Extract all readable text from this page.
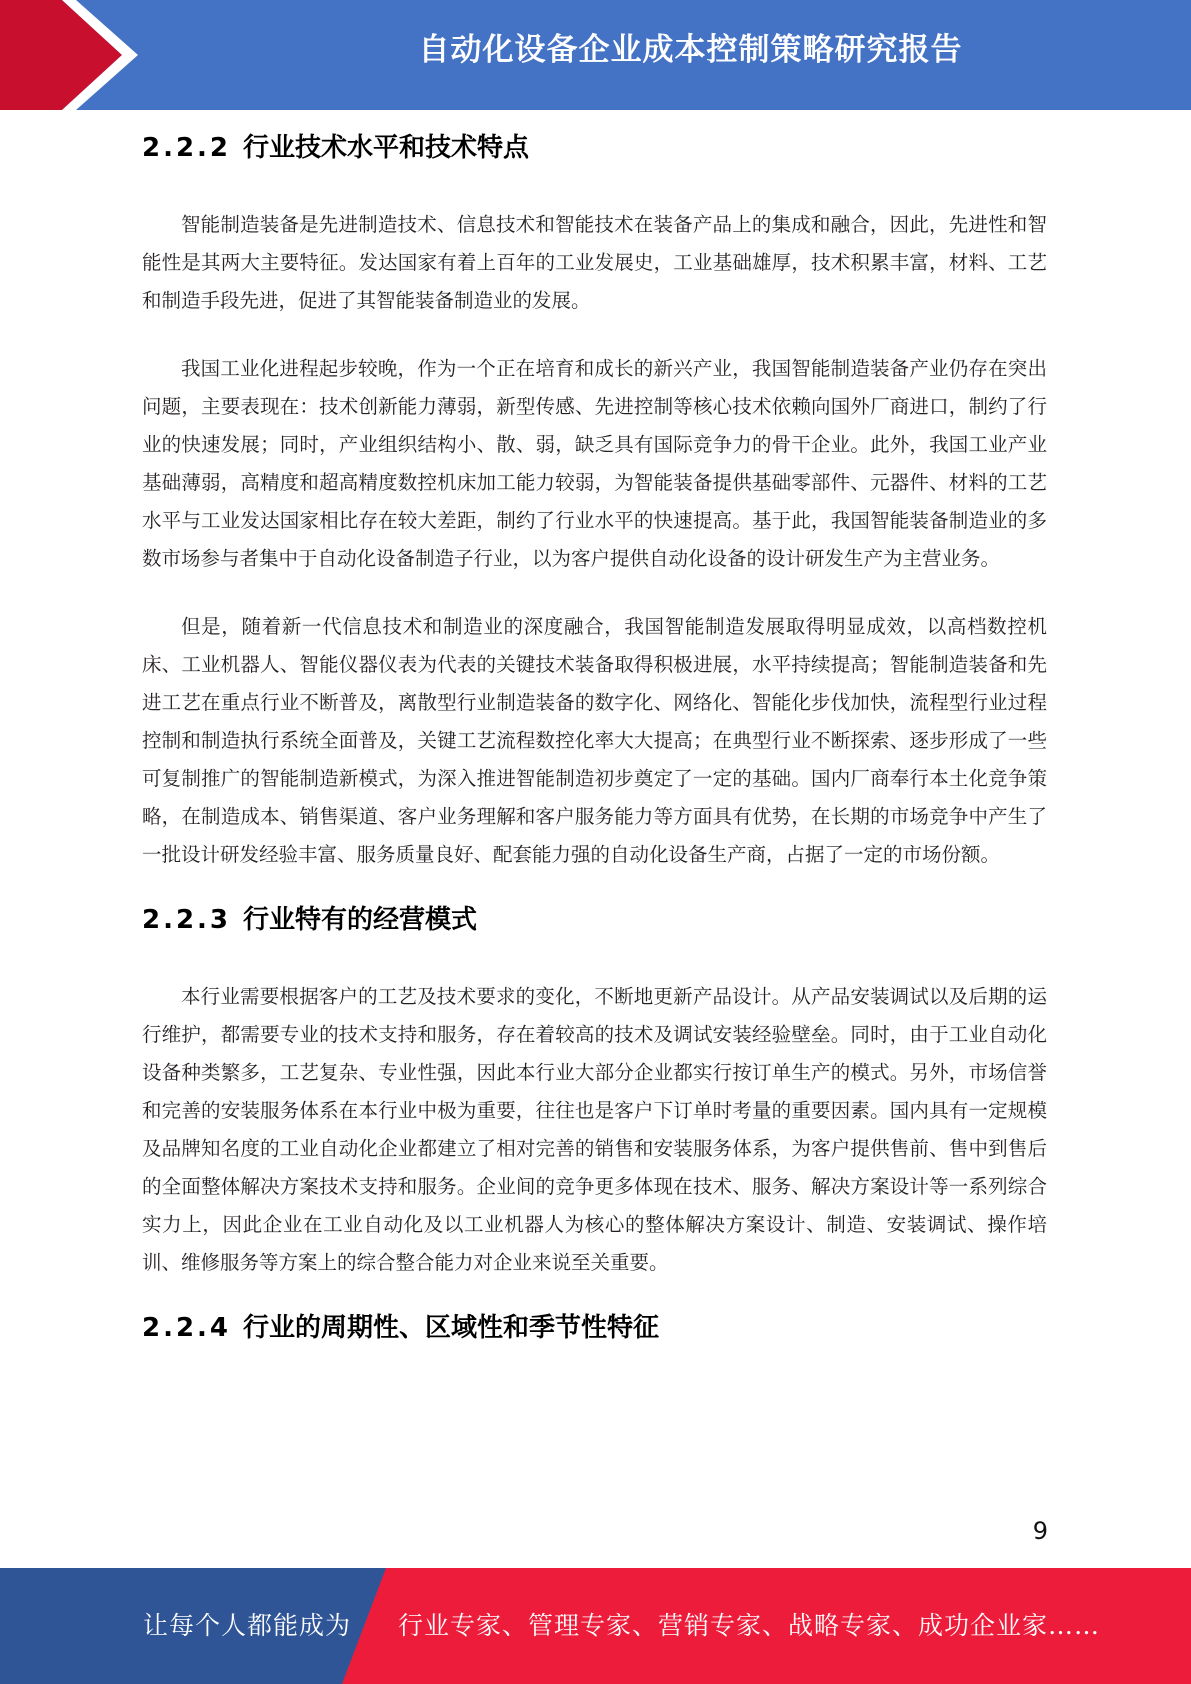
自动化设备企业成本控制策略研究报告
2.2.2 行业技术水平和技术特点

智能制造装备是先进制造技术、信息技术和智能技术在装备产品上的集成和融合，因此，先进性和智能性是其两大主要特征。发达国家有着上百年的工业发展史，工业基础雄厚，技术积累丰富，材料、工艺和制造手段先进，促进了其智能装备制造业的发展。

我国工业化进程起步较晚，作为一个正在培育和成长的新兴产业，我国智能制造装备产业仍存在突出问题，主要表现在：技术创新能力薄弱，新型传感、先进控制等核心技术依赖向国外厂商进口，制约了行业的快速发展；同时，产业组织结构小、散、弱，缺乏具有国际竞争力的骨干企业。此外，我国工业产业基础薄弱，高精度和超高精度数控机床加工能力较弱，为智能装备提供基础零部件、元器件、材料的工艺水平与工业发达国家相比存在较大差距，制约了行业水平的快速提高。基于此，我国智能装备制造业的多数市场参与者集中于自动化设备制造子行业，以为客户提供自动化设备的设计研发生产为主营业务。

但是，随着新一代信息技术和制造业的深度融合，我国智能制造发展取得明显成效，以高档数控机床、工业机器人、智能仪器仪表为代表的关键技术装备取得积极进展，水平持续提高；智能制造装备和先进工艺在重点行业不断普及，离散型行业制造装备的数字化、网络化、智能化步伐加快，流程型行业过程控制和制造执行系统全面普及，关键工艺流程数控化率大大提高；在典型行业不断探索、逐步形成了一些可复制推广的智能制造新模式，为深入推进智能制造初步奠定了一定的基础。国内厂商奉行本土化竞争策略，在制造成本、销售渠道、客户业务理解和客户服务能力等方面具有优势，在长期的市场竞争中产生了一批设计研发经验丰富、服务质量良好、配套能力强的自动化设备生产商，占据了一定的市场份额。

2.2.3 行业特有的经营模式

本行业需要根据客户的工艺及技术要求的变化，不断地更新产品设计。从产品安装调试以及后期的运行维护，都需要专业的技术支持和服务，存在着较高的技术及调试安装经验壁垒。同时，由于工业自动化设备种类繁多，工艺复杂、专业性强，因此本行业大部分企业都实行按订单生产的模式。另外，市场信誉和完善的安装服务体系在本行业中极为重要，往往也是客户下订单时考量的重要因素。国内具有一定规模及品牌知名度的工业自动化企业都建立了相对完善的销售和安装服务体系，为客户提供售前、售中到售后的全面整体解决方案技术支持和服务。企业间的竞争更多体现在技术、服务、解决方案设计等一系列综合实力上，因此企业在工业自动化及以工业机器人为核心的整体解决方案设计、制造、安装调试、操作培训、维修服务等方案上的综合整合能力对企业来说至关重要。

2.2.4 行业的周期性、区域性和季节性特征
9
让每个人都能成为 行业专家、管理专家、营销专家、战略专家、成功企业家……
